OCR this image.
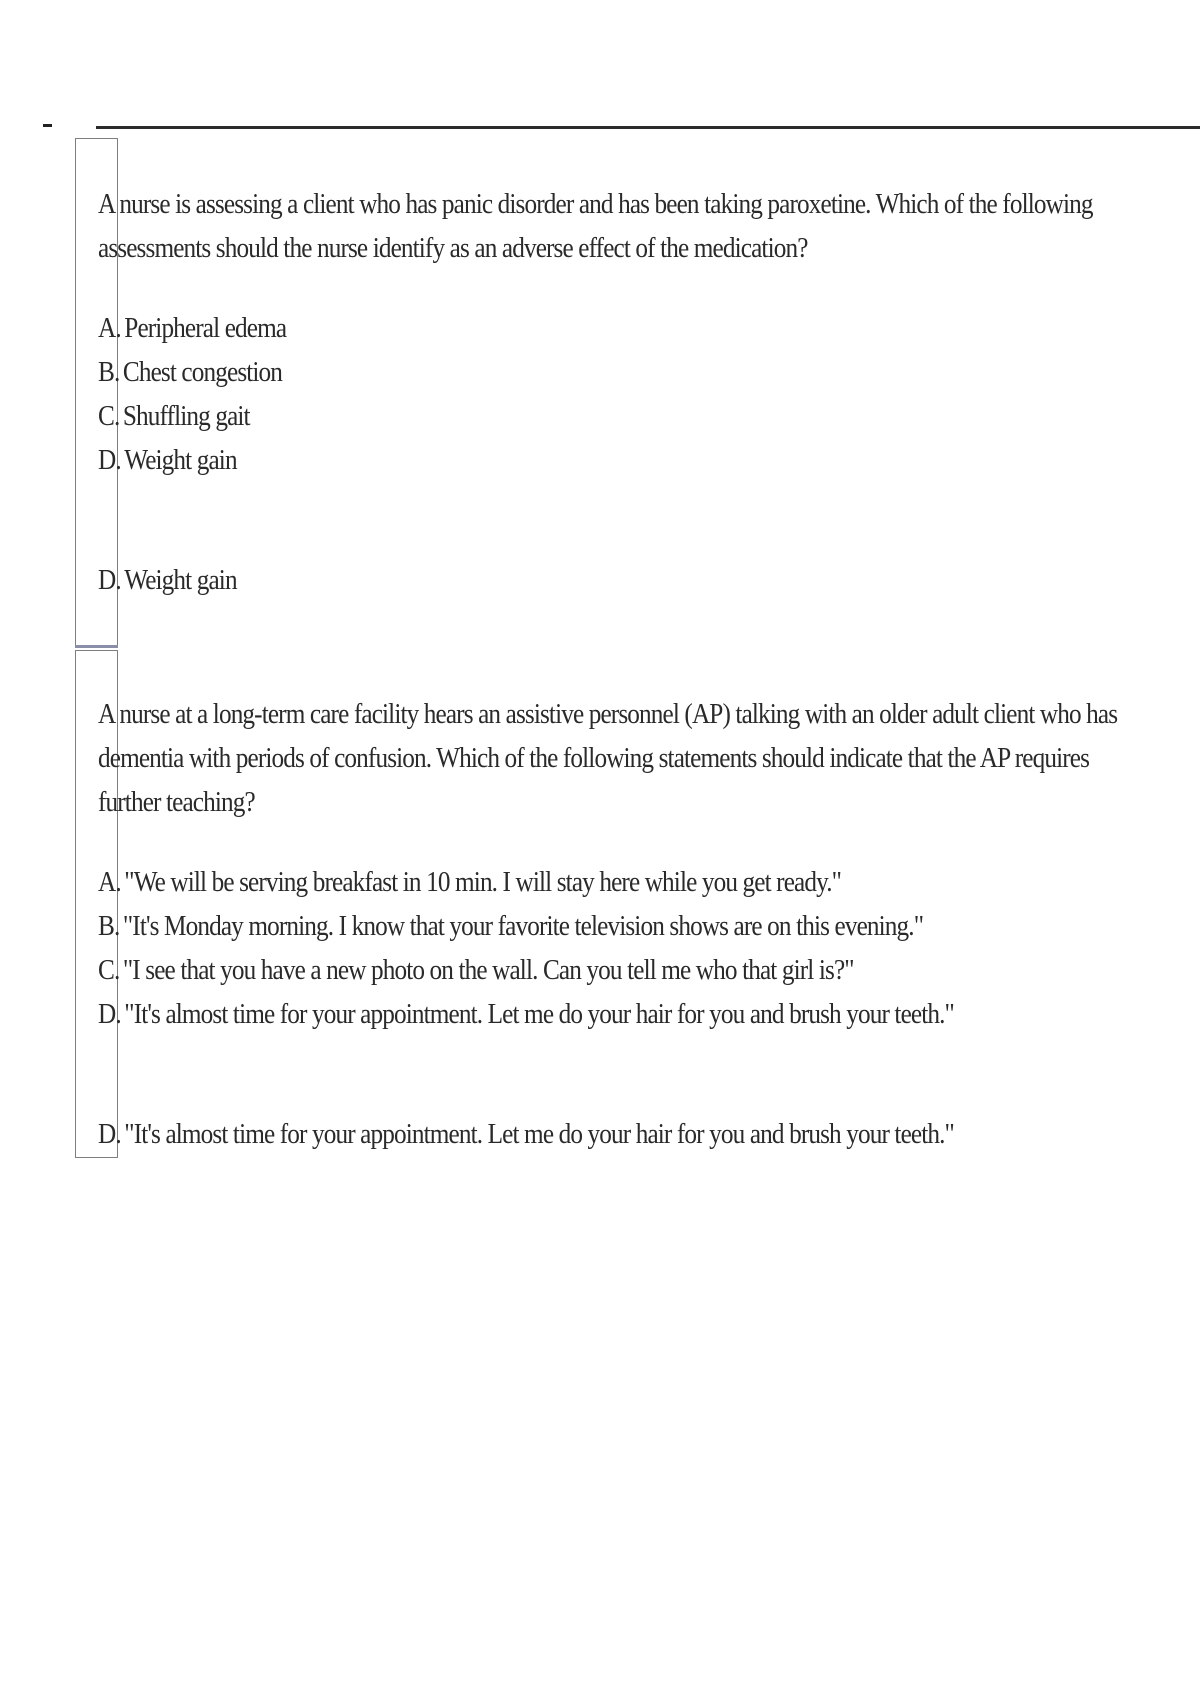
A nurse is assessing a client who has panic disorder and has been taking paroxetine. Which of the following assessments should the nurse identify as an adverse effect of the medication?

A. Peripheral edema
B. Chest congestion
C. Shuffling gait
D. Weight gain
D. Weight gain

A nurse at a long-term care facility hears an assistive personnel (AP) talking with an older adult client who has dementia with periods of confusion. Which of the following statements should indicate that the AP requires further teaching?

A. "We will be serving breakfast in 10 min. I will stay here while you get ready."
B. "It's Monday morning. I know that your favorite television shows are on this evening."
C. "I see that you have a new photo on the wall. Can you tell me who that girl is?"
D. "It's almost time for your appointment. Let me do your hair for you and brush your teeth."
D. "It's almost time for your appointment. Let me do your hair for you and brush your teeth."
